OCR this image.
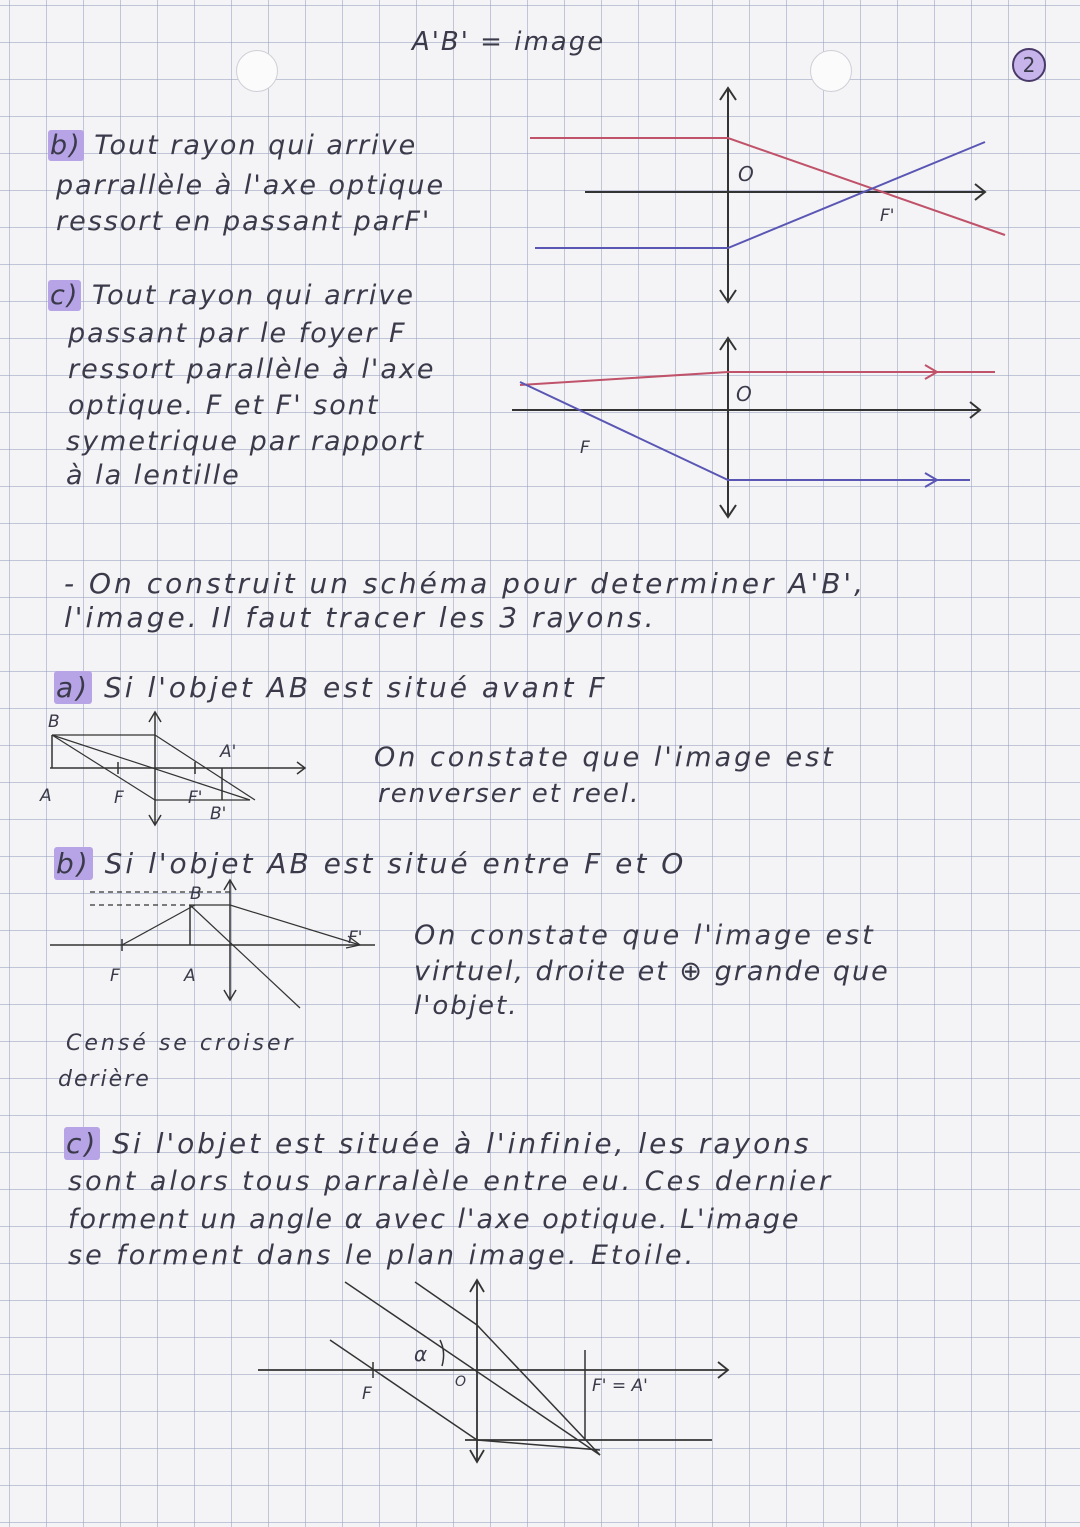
2
A'B' = image
b) Tout rayon qui arrive
parrallèle à l'axe optique
ressort en passant parF'
O
F'
c) Tout rayon qui arrive
passant par le foyer F
ressort parallèle à l'axe
optique. F et F' sont
symetrique par rapport
à la lentille
O
F
- On construit un schéma pour determiner A'B',
l'image. Il faut tracer les 3 rayons.
a) Si l'objet AB est situé avant F
On constate que l'image est
renverser et reel.
B
A	F	F'
A'
B'
b) Si l'objet AB est situé entre F et O
On constate que l'image est
virtuel, droite et ⊕ grande que
l'objet.
B
F	A
F'
Censé se croiser
derière
c) Si l'objet est située à l'infinie, les rayons
sont alors tous parralèle entre eu. Ces dernier
forment un angle α avec l'axe optique. L'image
se forment dans le plan image. Etoile.
α
F
O	F' = A'
